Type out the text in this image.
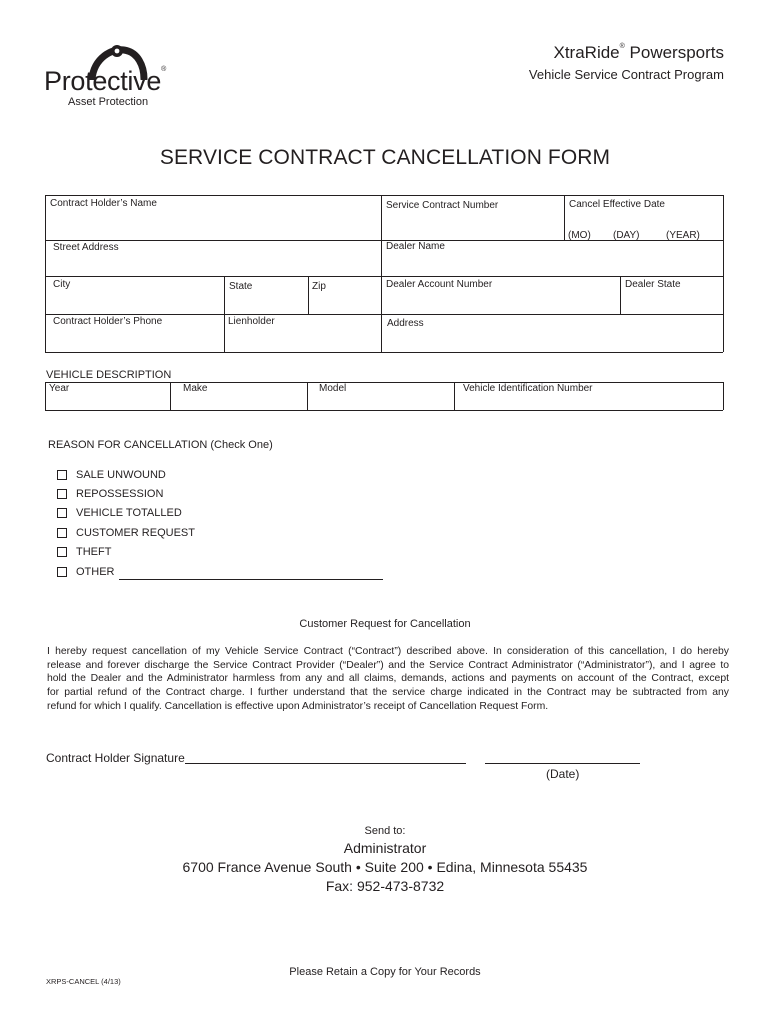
Protective®
Asset Protection
XtraRide® Powersports
Vehicle Service Contract Program
SERVICE CONTRACT CANCELLATION FORM
Contract Holder’s Name	Service Contract Number	Cancel Effective Date
(MO) (DAY)	(YEAR)
Street Address	Dealer Name
City	State	Zip	Dealer Account Number	Dealer State
Contract Holder’s Phone	Lienholder	Address
VEHICLE DESCRIPTION
Year	Make	Model	Vehicle Identification Number
REASON FOR CANCELLATION (Check One)
SALE UNWOUND
REPOSSESSION
VEHICLE TOTALLED
CUSTOMER REQUEST
THEFT
OTHER
Customer Request for Cancellation
I hereby request cancellation of my Vehicle Service Contract (“Contract”) described above. In consideration of this cancellation, I do hereby
release and forever discharge the Service Contract Provider (“Dealer”) and the Service Contract Administrator (“Administrator”), and I agree to
hold the Dealer and the Administrator harmless from any and all claims, demands, actions and payments on account of the Contract, except
for partial refund of the Contract charge. I further understand that the service charge indicated in the Contract may be subtracted from any
refund for which I qualify. Cancellation is effective upon Administrator’s receipt of Cancellation Request Form.
Contract Holder Signature
(Date)
Send to:
Administrator
6700 France Avenue South • Suite 200 • Edina, Minnesota 55435
Fax: 952-473-8732
XRPS-CANCEL (4/13)
Please Retain a Copy for Your Records
